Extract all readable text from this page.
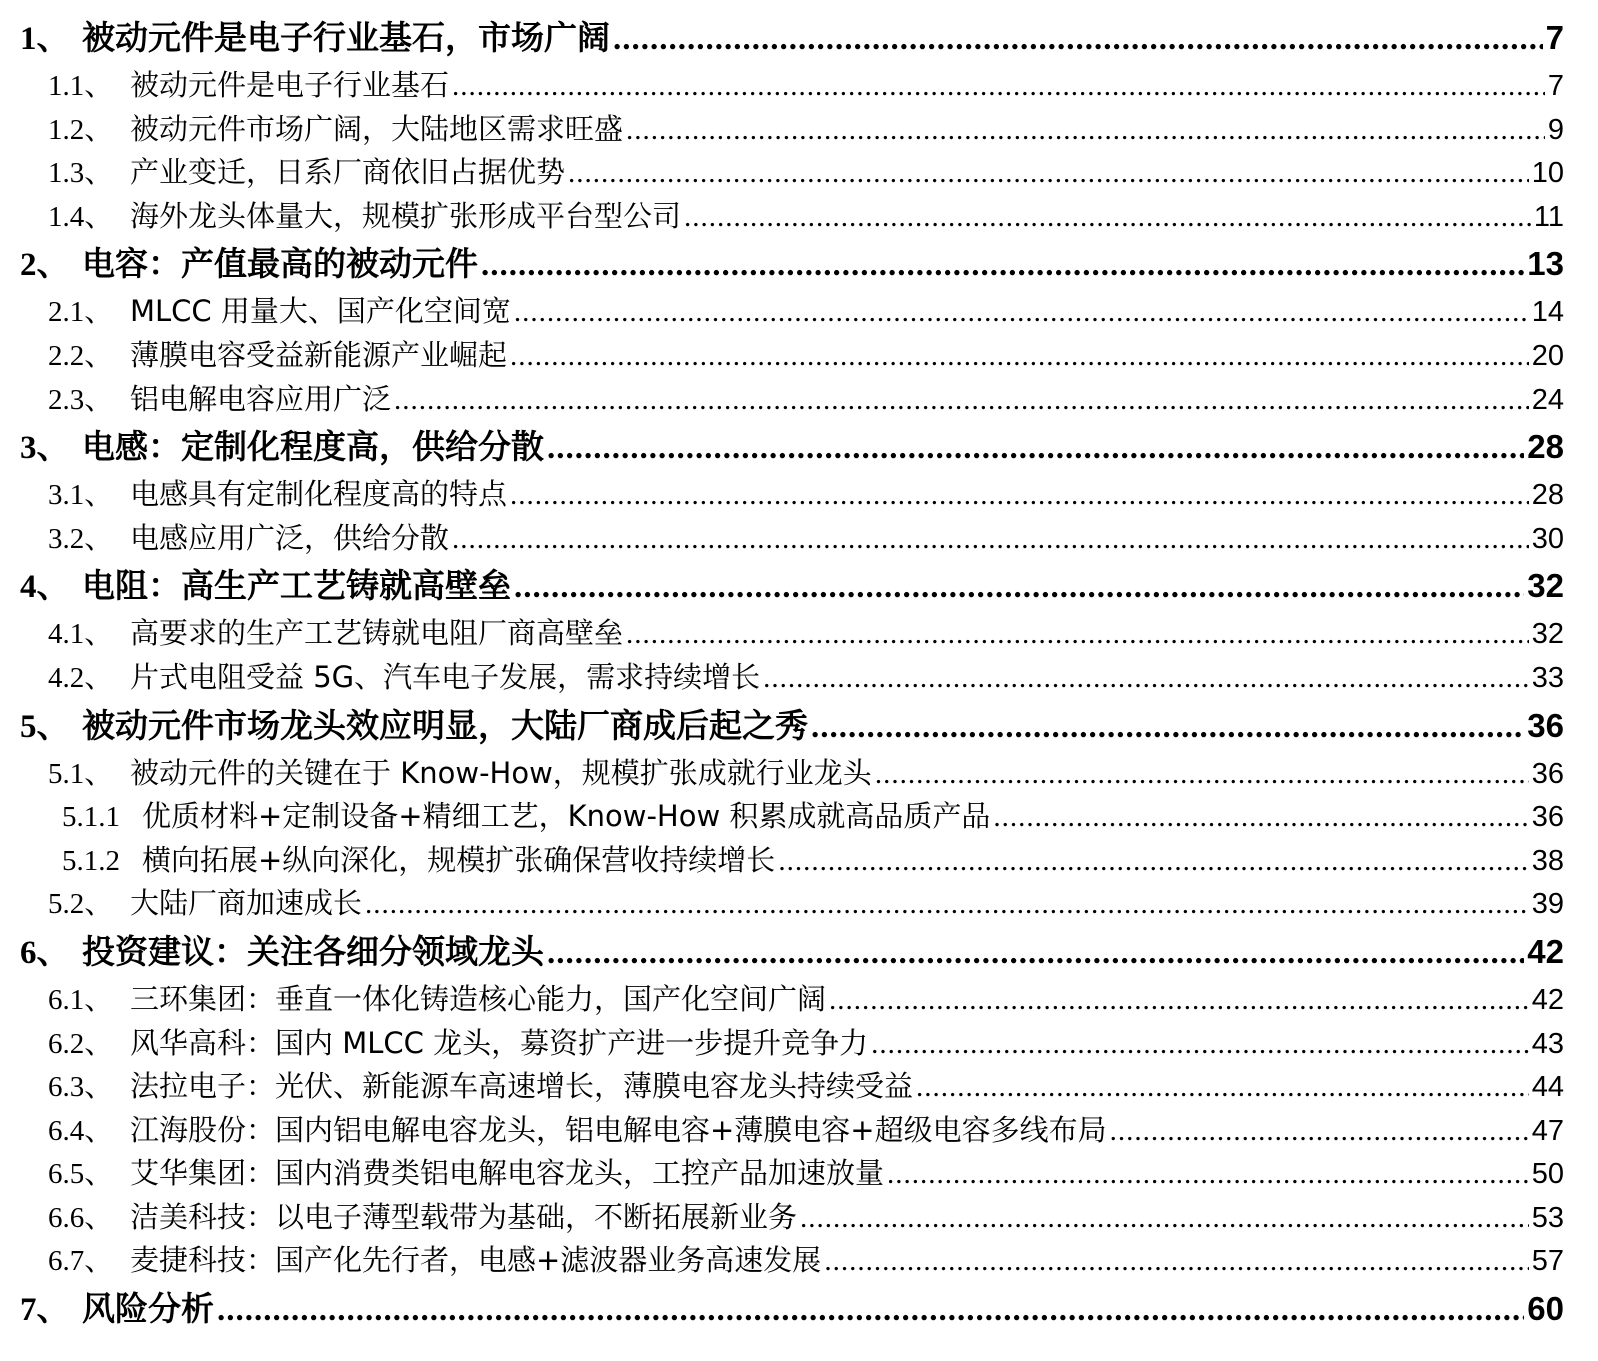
1、 被动元件是电子行业基石，市场广阔 .....	7
1.1、 被动元件是电子行业基石 .....	7
1.2、 被动元件市场广阔，大陆地区需求旺盛 .....	9
1.3、 产业变迁，日系厂商依旧占据优势 .....	10
1.4、 海外龙头体量大，规模扩张形成平台型公司 .....	11
2、 电容：产值最高的被动元件 .....	13
2.1、 MLCC 用量大、国产化空间宽 .....	14
2.2、 薄膜电容受益新能源产业崛起 .....	20
2.3、 铝电解电容应用广泛 .....	24
3、 电感：定制化程度高，供给分散 .....	28
3.1、 电感具有定制化程度高的特点 .....	28
3.2、 电感应用广泛，供给分散 .....	30
4、 电阻：高生产工艺铸就高壁垒 .....	32
4.1、 高要求的生产工艺铸就电阻厂商高壁垒 .....	32
4.2、 片式电阻受益 5G、汽车电子发展，需求持续增长 .....	33
5、 被动元件市场龙头效应明显，大陆厂商成后起之秀 .....	36
5.1、 被动元件的关键在于 Know-How，规模扩张成就行业龙头 .....	36
5.1.1 优质材料+定制设备+精细工艺，Know-How 积累成就高品质产品 .....	36
5.1.2 横向拓展+纵向深化，规模扩张确保营收持续增长 .....	38
5.2、 大陆厂商加速成长 .....	39
6、 投资建议：关注各细分领域龙头 .....	42
6.1、 三环集团：垂直一体化铸造核心能力，国产化空间广阔 .....	42
6.2、 风华高科：国内 MLCC 龙头，募资扩产进一步提升竞争力 .....	43
6.3、 法拉电子：光伏、新能源车高速增长，薄膜电容龙头持续受益 .....	44
6.4、 江海股份：国内铝电解电容龙头，铝电解电容+薄膜电容+超级电容多线布局 .....	47
6.5、 艾华集团：国内消费类铝电解电容龙头，工控产品加速放量 .....	50
6.6、 洁美科技：以电子薄型载带为基础，不断拓展新业务 .....	53
6.7、 麦捷科技：国产化先行者，电感+滤波器业务高速发展 .....	57
7、 风险分析 .....	60
